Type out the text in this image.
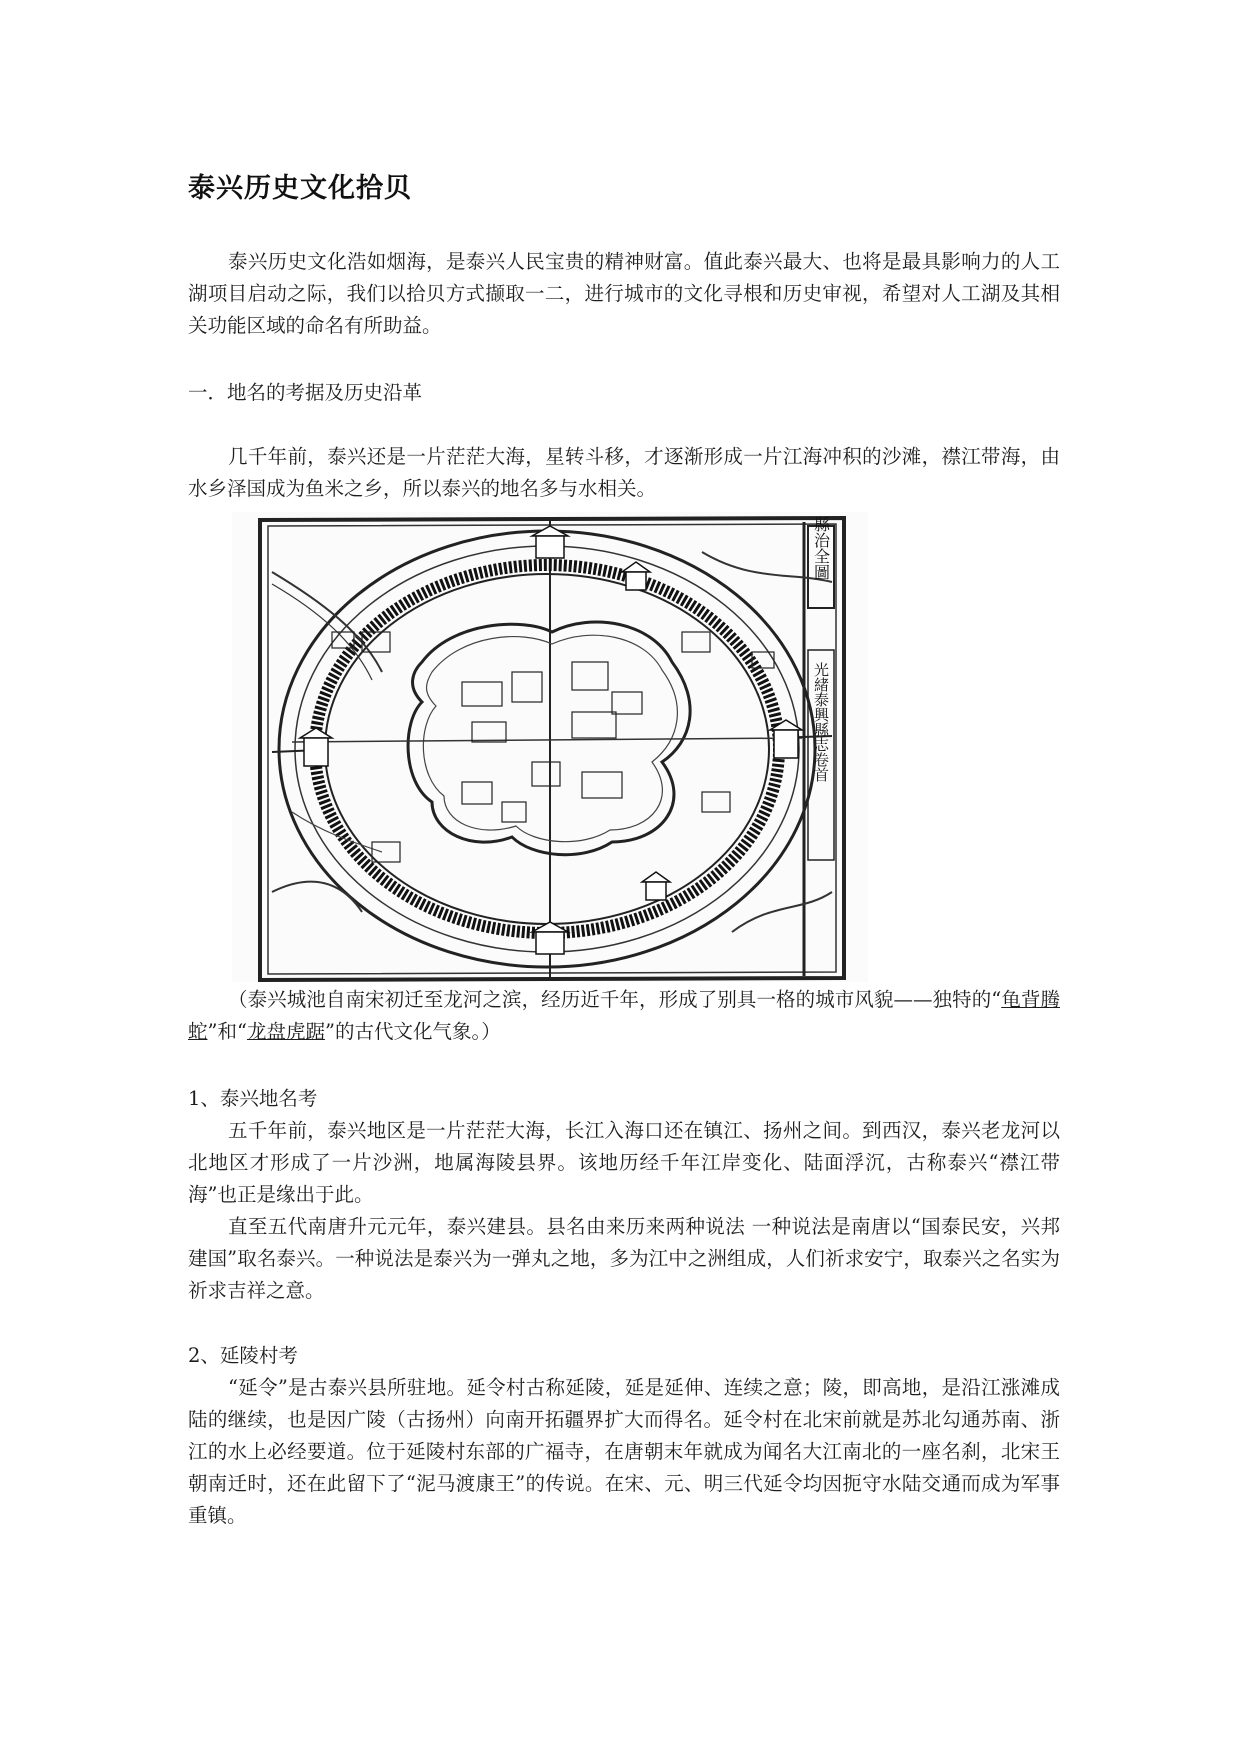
泰兴历史文化拾贝

泰兴历史文化浩如烟海，是泰兴人民宝贵的精神财富。值此泰兴最大、也将是最具影响力的人工湖项目启动之际，我们以拾贝方式撷取一二，进行城市的文化寻根和历史审视，希望对人工湖及其相关功能区域的命名有所助益。

一．地名的考据及历史沿革

几千年前，泰兴还是一片茫茫大海，星转斗移，才逐渐形成一片江海冲积的沙滩，襟江带海，由水乡泽国成为鱼米之乡，所以泰兴的地名多与水相关。

縣治全圖
光緒泰興縣志卷首

（泰兴城池自南宋初迁至龙河之滨，经历近千年，形成了别具一格的城市风貌——独特的“龟背腾蛇”和“龙盘虎踞”的古代文化气象。）

1、泰兴地名考

五千年前，泰兴地区是一片茫茫大海，长江入海口还在镇江、扬州之间。到西汉，泰兴老龙河以北地区才形成了一片沙洲，地属海陵县界。该地历经千年江岸变化、陆面浮沉，古称泰兴“襟江带海”也正是缘出于此。

直至五代南唐升元元年，泰兴建县。县名由来历来两种说法 一种说法是南唐以“国泰民安，兴邦建国”取名泰兴。一种说法是泰兴为一弹丸之地，多为江中之洲组成，人们祈求安宁，取泰兴之名实为祈求吉祥之意。

2、延陵村考

“延令”是古泰兴县所驻地。延令村古称延陵，延是延伸、连续之意；陵，即高地，是沿江涨滩成陆的继续，也是因广陵（古扬州）向南开拓疆界扩大而得名。延令村在北宋前就是苏北勾通苏南、浙江的水上必经要道。位于延陵村东部的广福寺，在唐朝末年就成为闻名大江南北的一座名刹，北宋王朝南迁时，还在此留下了“泥马渡康王”的传说。在宋、元、明三代延令均因扼守水陆交通而成为军事重镇。
